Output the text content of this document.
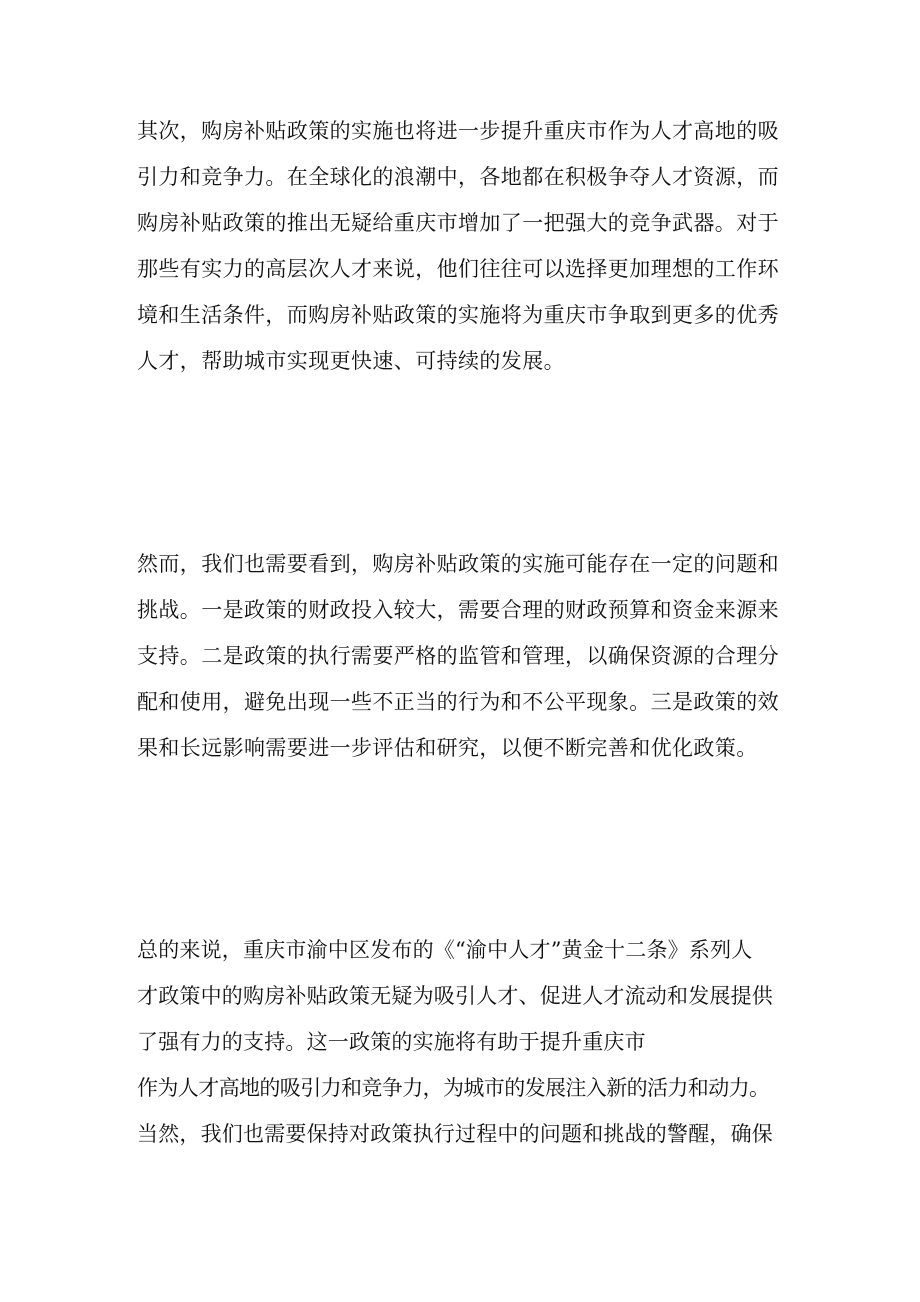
其次，购房补贴政策的实施也将进一步提升重庆市作为人才高地的吸
引力和竞争力。在全球化的浪潮中，各地都在积极争夺人才资源，而
购房补贴政策的推出无疑给重庆市增加了一把强大的竞争武器。对于
那些有实力的高层次人才来说，他们往往可以选择更加理想的工作环
境和生活条件，而购房补贴政策的实施将为重庆市争取到更多的优秀
人才，帮助城市实现更快速、可持续的发展。
然而，我们也需要看到，购房补贴政策的实施可能存在一定的问题和
挑战。一是政策的财政投入较大，需要合理的财政预算和资金来源来
支持。二是政策的执行需要严格的监管和管理，以确保资源的合理分
配和使用，避免出现一些不正当的行为和不公平现象。三是政策的效
果和长远影响需要进一步评估和研究，以便不断完善和优化政策。
总的来说，重庆市渝中区发布的《“渝中人才”黄金十二条》系列人
才政策中的购房补贴政策无疑为吸引人才、促进人才流动和发展提供
了强有力的支持。这一政策的实施将有助于提升重庆市
作为人才高地的吸引力和竞争力，为城市的发展注入新的活力和动力。
当然，我们也需要保持对政策执行过程中的问题和挑战的警醒，确保
